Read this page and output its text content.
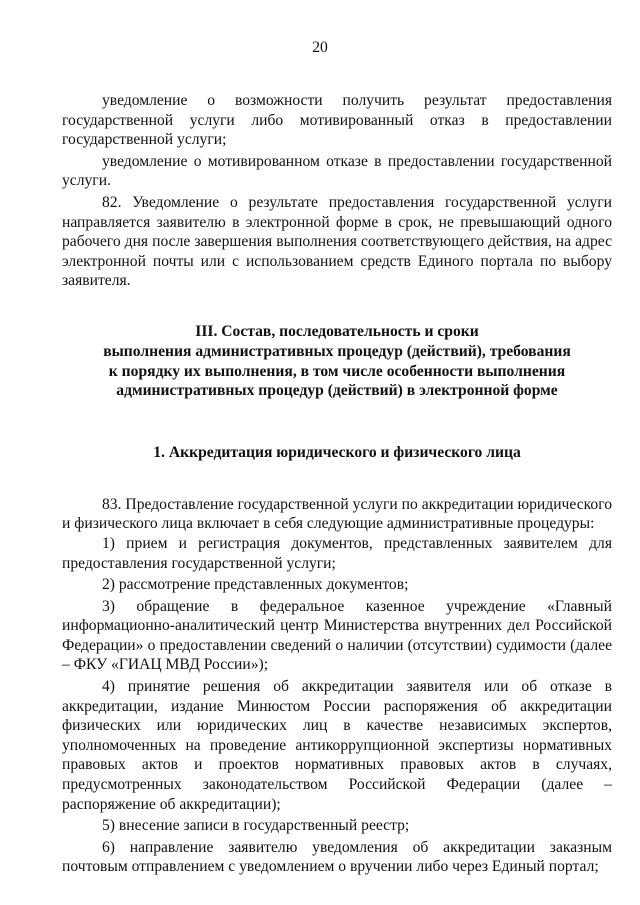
20

уведомление о возможности получить результат предоставления государственной услуги либо мотивированный отказ в предоставлении государственной услуги;

уведомление о мотивированном отказе в предоставлении государственной услуги.

82. Уведомление о результате предоставления государственной услуги направляется заявителю в электронной форме в срок, не превышающий одного рабочего дня после завершения выполнения соответствующего действия, на адрес электронной почты или с использованием средств Единого портала по выбору заявителя.

III. Состав, последовательность и сроки

выполнения административных процедур (действий), требования

к порядку их выполнения, в том числе особенности выполнения

административных процедур (действий) в электронной форме

1. Аккредитация юридического и физического лица

83. Предоставление государственной услуги по аккредитации юридического и физического лица включает в себя следующие административные процедуры:

1) прием и регистрация документов, представленных заявителем для предоставления государственной услуги;

2) рассмотрение представленных документов;

3) обращение в федеральное казенное учреждение «Главный информационно-аналитический центр Министерства внутренних дел Российской Федерации» о предоставлении сведений о наличии (отсутствии) судимости (далее – ФКУ «ГИАЦ МВД России»);

4) принятие решения об аккредитации заявителя или об отказе в аккредитации, издание Минюстом России распоряжения об аккредитации физических или юридических лиц в качестве независимых экспертов, уполномоченных на проведение антикоррупционной экспертизы нормативных правовых актов и проектов нормативных правовых актов в случаях, предусмотренных законодательством Российской Федерации (далее – распоряжение об аккредитации);

5) внесение записи в государственный реестр;

6) направление заявителю уведомления об аккредитации заказным почтовым отправлением с уведомлением о вручении либо через Единый портал;
